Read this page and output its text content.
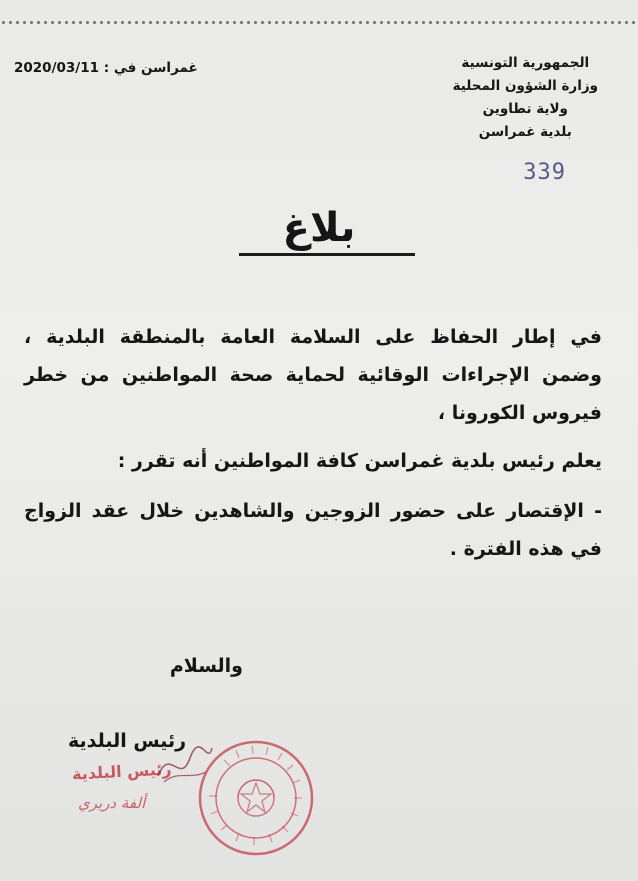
الجمهورية التونسية
وزارة الشؤون المحلية
ولاية تطاوين
بلدية غمراسن
339
غمراسن في : 2020/03/11
بلاغ

في إطار الحفاظ على السلامة العامة بالمنطقة البلدية ، وضمن الإجراءات الوقائية لحماية صحة المواطنين من خطر فيروس الكورونا ،

يعلم رئيس بلدية غمراسن كافة المواطنين أنه تقرر :

- الإقتصار على حضور الزوجين والشاهدين خلال عقد الزواج في هذه الفترة .

والسلام
رئيس البلدية
رئيس البلدية
ألفة دريري
